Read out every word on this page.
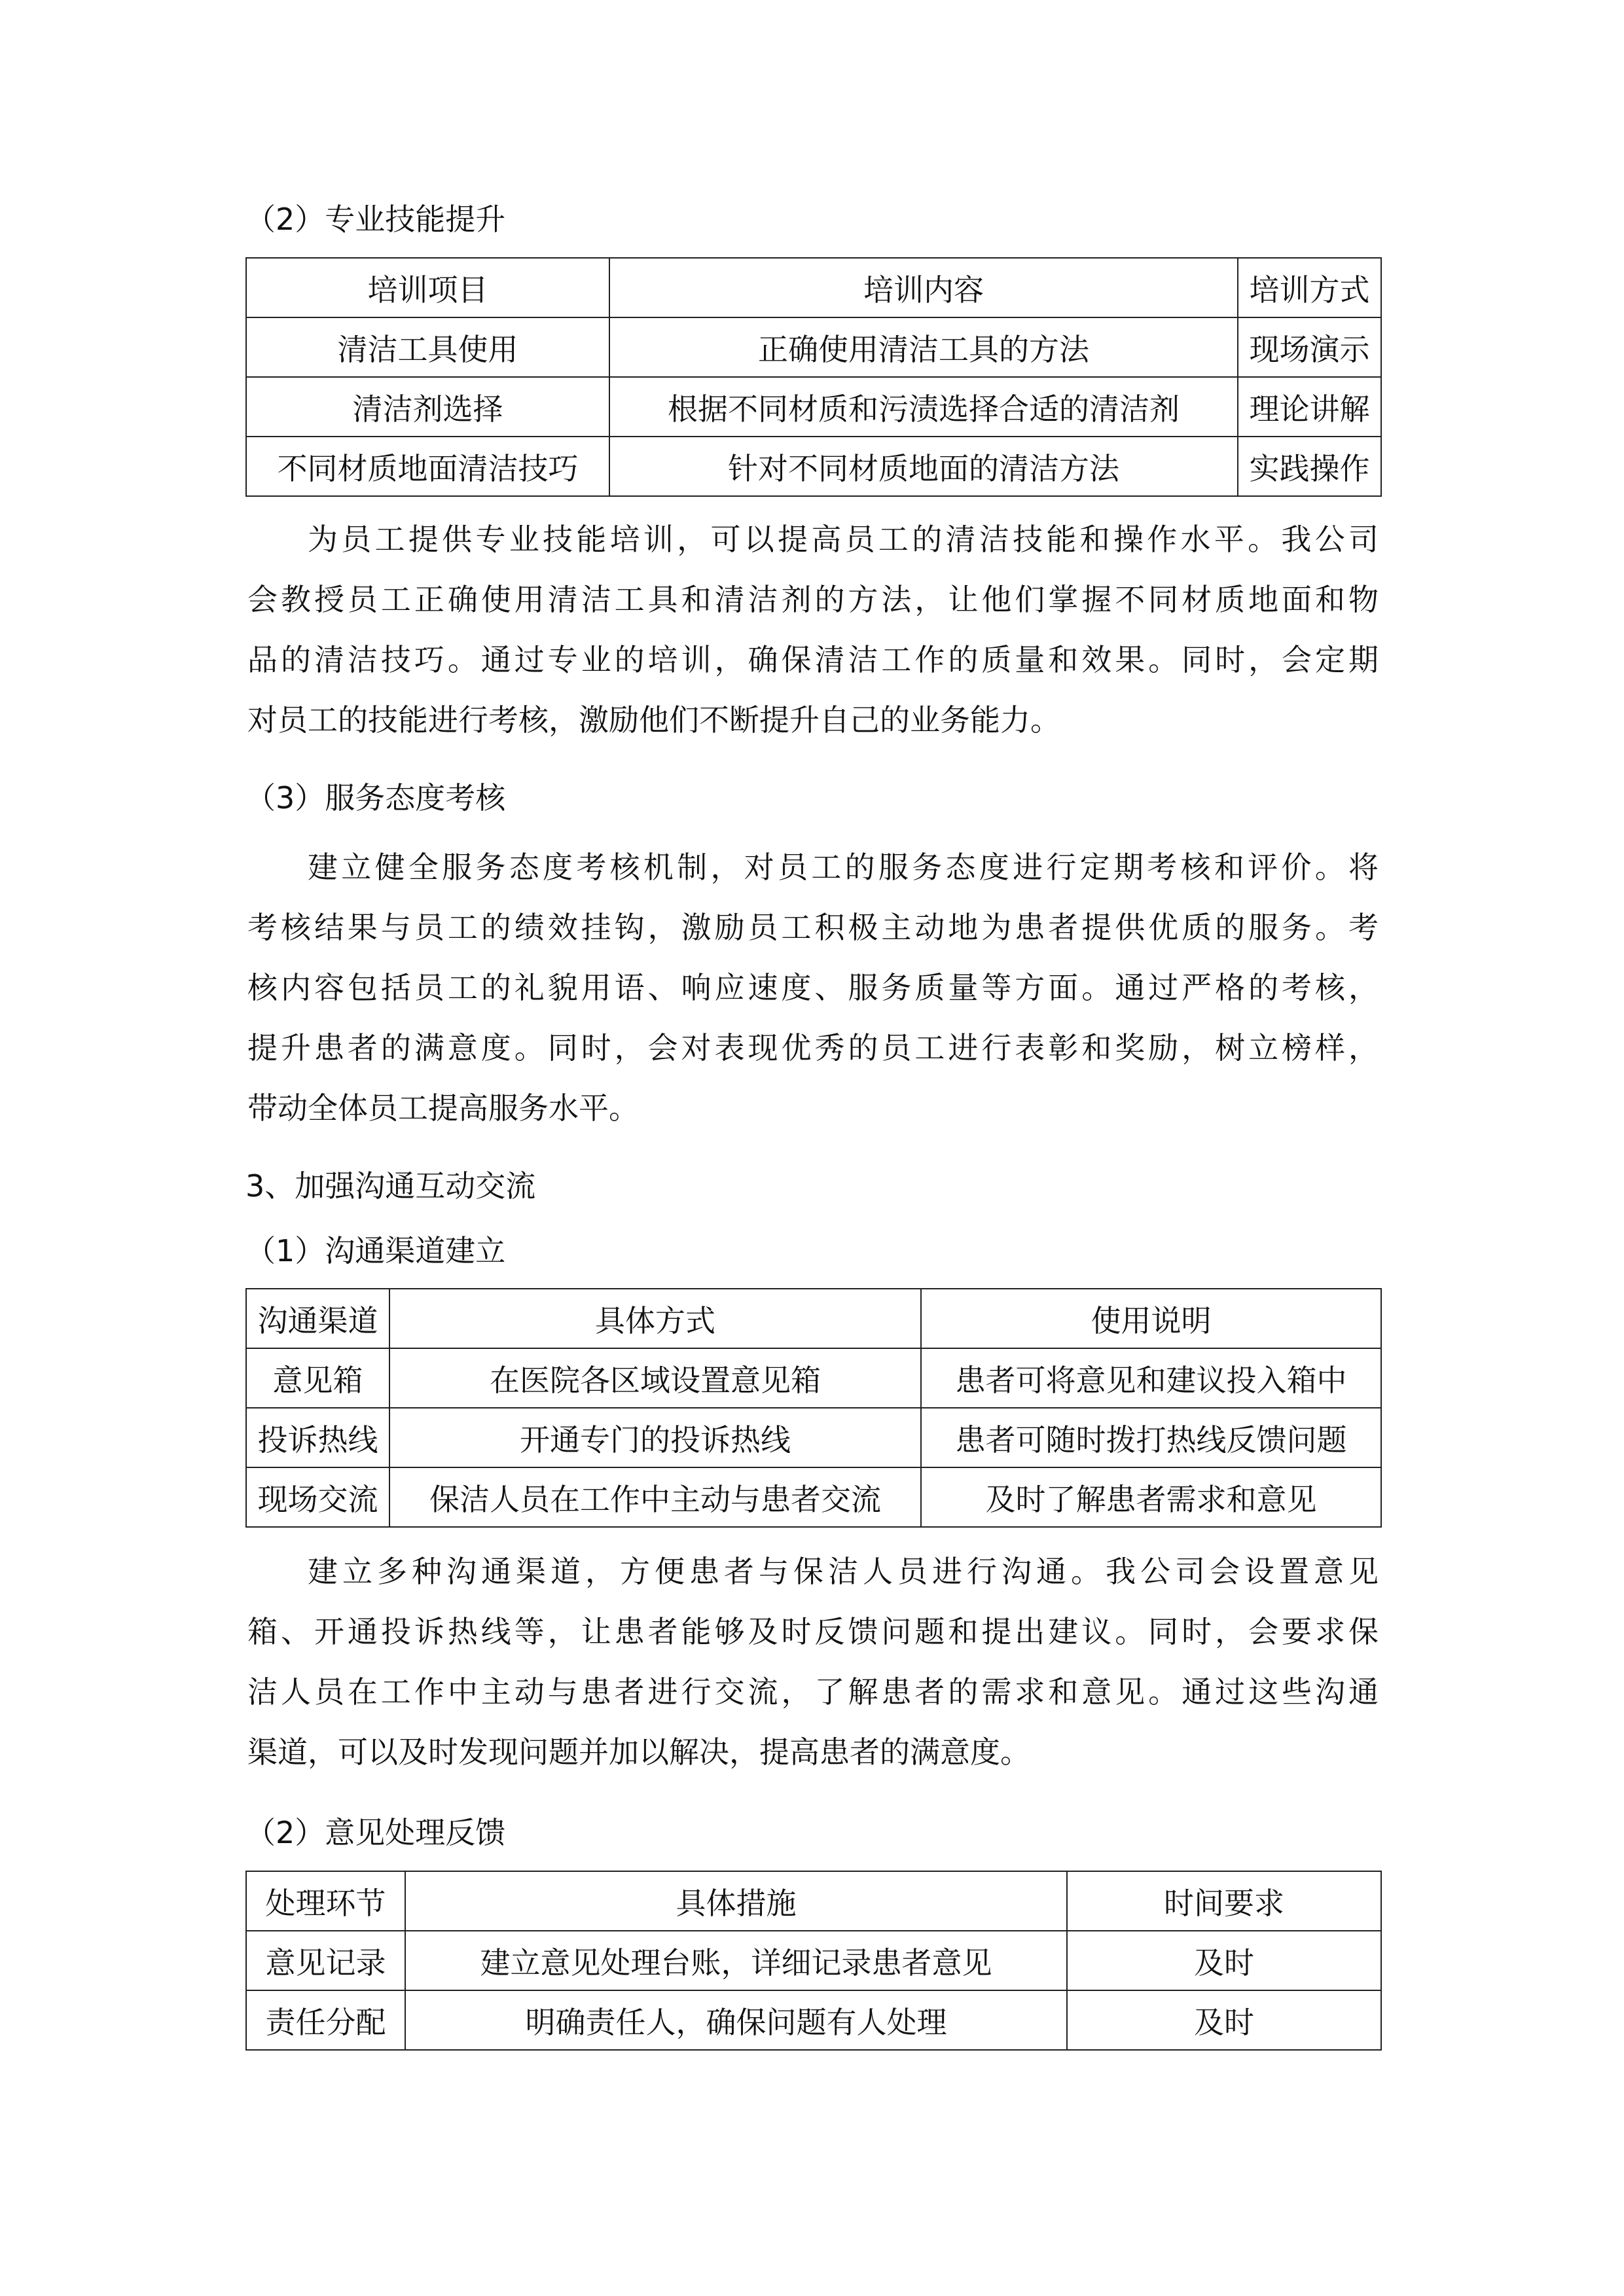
（2）专业技能提升
培训项目	培训内容	培训方式
清洁工具使用	正确使用清洁工具的方法	现场演示
清洁剂选择	根据不同材质和污渍选择合适的清洁剂	理论讲解
不同材质地面清洁技巧	针对不同材质地面的清洁方法	实践操作
为员工提供专业技能培训，可以提高员工的清洁技能和操作水平。我公司
会教授员工正确使用清洁工具和清洁剂的方法，让他们掌握不同材质地面和物
品的清洁技巧。通过专业的培训，确保清洁工作的质量和效果。同时，会定期
对员工的技能进行考核，激励他们不断提升自己的业务能力。
（3）服务态度考核
建立健全服务态度考核机制，对员工的服务态度进行定期考核和评价。将
考核结果与员工的绩效挂钩，激励员工积极主动地为患者提供优质的服务。考
核内容包括员工的礼貌用语、响应速度、服务质量等方面。通过严格的考核，
提升患者的满意度。同时，会对表现优秀的员工进行表彰和奖励，树立榜样，
带动全体员工提高服务水平。
3、加强沟通互动交流
（1）沟通渠道建立
沟通渠道	具体方式	使用说明
意见箱	在医院各区域设置意见箱	患者可将意见和建议投入箱中
投诉热线	开通专门的投诉热线	患者可随时拨打热线反馈问题
现场交流	保洁人员在工作中主动与患者交流	及时了解患者需求和意见
建立多种沟通渠道，方便患者与保洁人员进行沟通。我公司会设置意见
箱、开通投诉热线等，让患者能够及时反馈问题和提出建议。同时，会要求保
洁人员在工作中主动与患者进行交流，了解患者的需求和意见。通过这些沟通
渠道，可以及时发现问题并加以解决，提高患者的满意度。
（2）意见处理反馈
处理环节	具体措施	时间要求
意见记录	建立意见处理台账，详细记录患者意见	及时
责任分配	明确责任人，确保问题有人处理	及时
